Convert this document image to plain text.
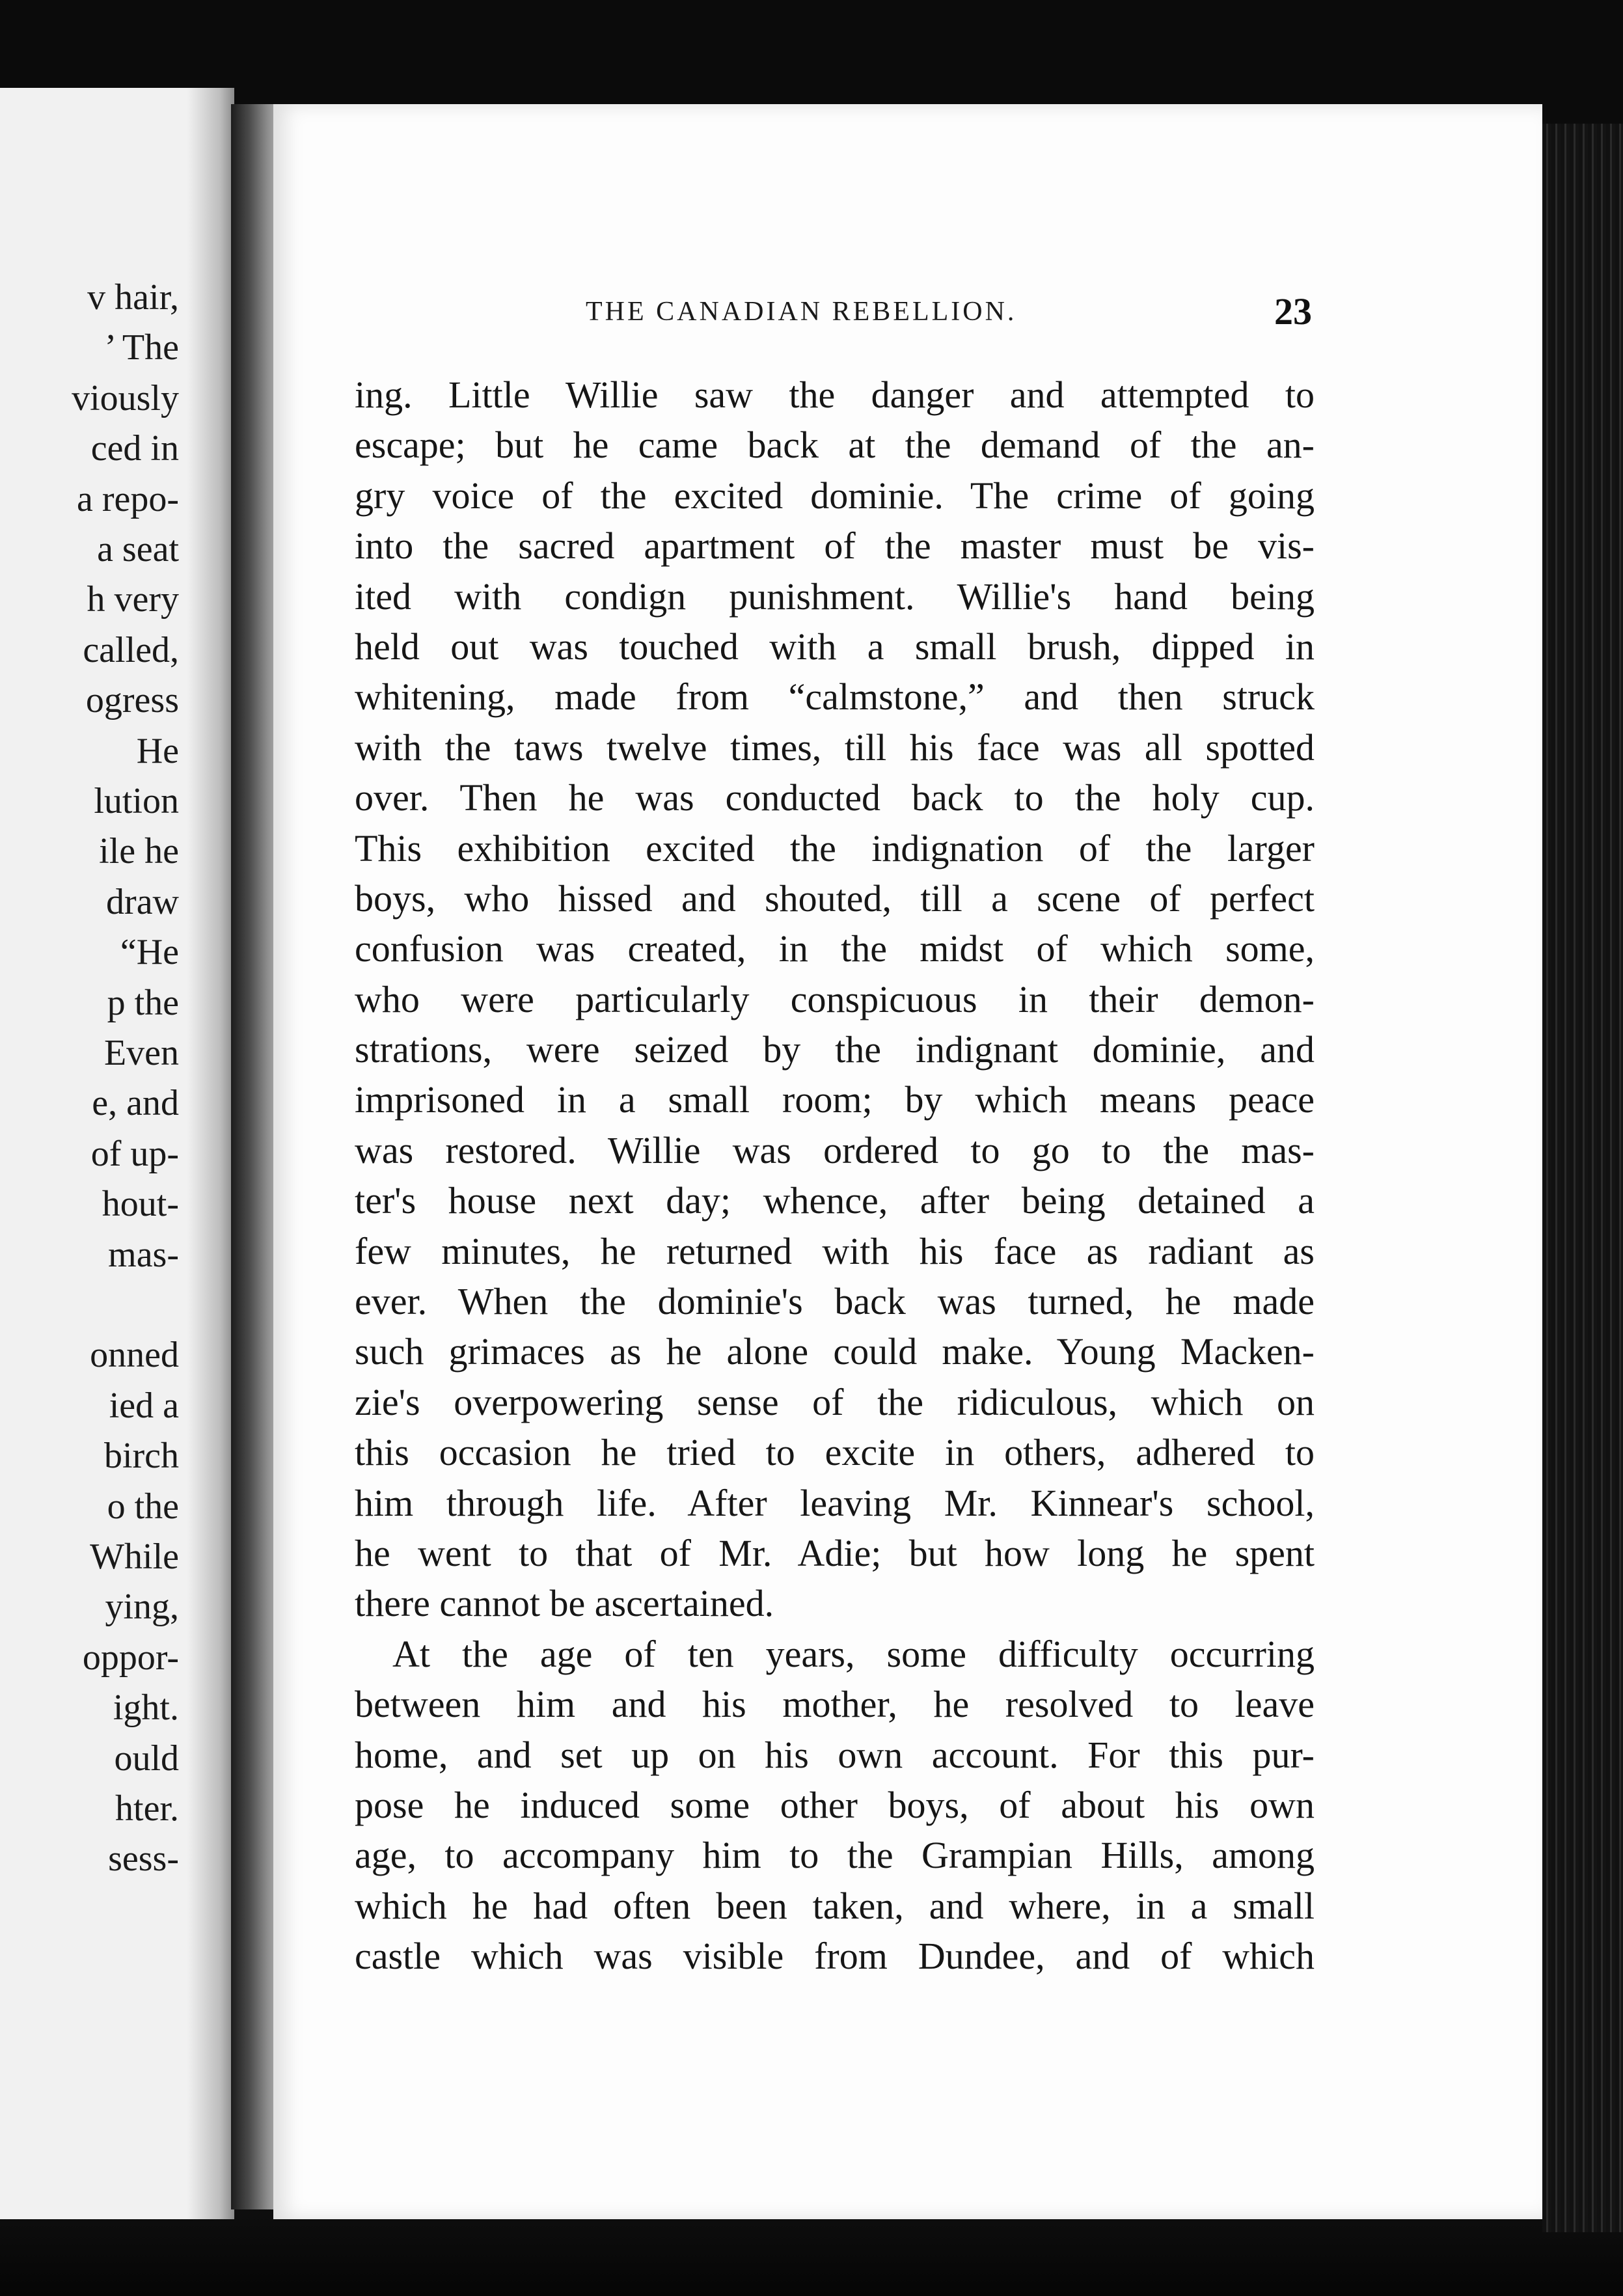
v hair,
’ The
viously
ced in
a repo-
a seat
h very
called,
ogress
He
lution
ile he
draw
“He
p the
Even
e, and
of up-
hout-
mas-
onned
ied a
birch
o the
While
ying,
oppor-
ight.
ould
hter.
sess-
THE CANADIAN REBELLION.	23
ing. Little Willie saw the danger and attempted to
escape; but he came back at the demand of the an-
gry voice of the excited dominie. The crime of going
into the sacred apartment of the master must be vis-
ited with condign punishment. Willie's hand being
held out was touched with a small brush, dipped in
whitening, made from “calmstone,” and then struck
with the taws twelve times, till his face was all spotted
over. Then he was conducted back to the holy cup.
This exhibition excited the indignation of the larger
boys, who hissed and shouted, till a scene of perfect
confusion was created, in the midst of which some,
who were particularly conspicuous in their demon-
strations, were seized by the indignant dominie, and
imprisoned in a small room; by which means peace
was restored. Willie was ordered to go to the mas-
ter's house next day; whence, after being detained a
few minutes, he returned with his face as radiant as
ever. When the dominie's back was turned, he made
such grimaces as he alone could make. Young Macken-
zie's overpowering sense of the ridiculous, which on
this occasion he tried to excite in others, adhered to
him through life. After leaving Mr. Kinnear's school,
he went to that of Mr. Adie; but how long he spent
there cannot be ascertained.
At the age of ten years, some difficulty occurring
between him and his mother, he resolved to leave
home, and set up on his own account. For this pur-
pose he induced some other boys, of about his own
age, to accompany him to the Grampian Hills, among
which he had often been taken, and where, in a small
castle which was visible from Dundee, and of which
